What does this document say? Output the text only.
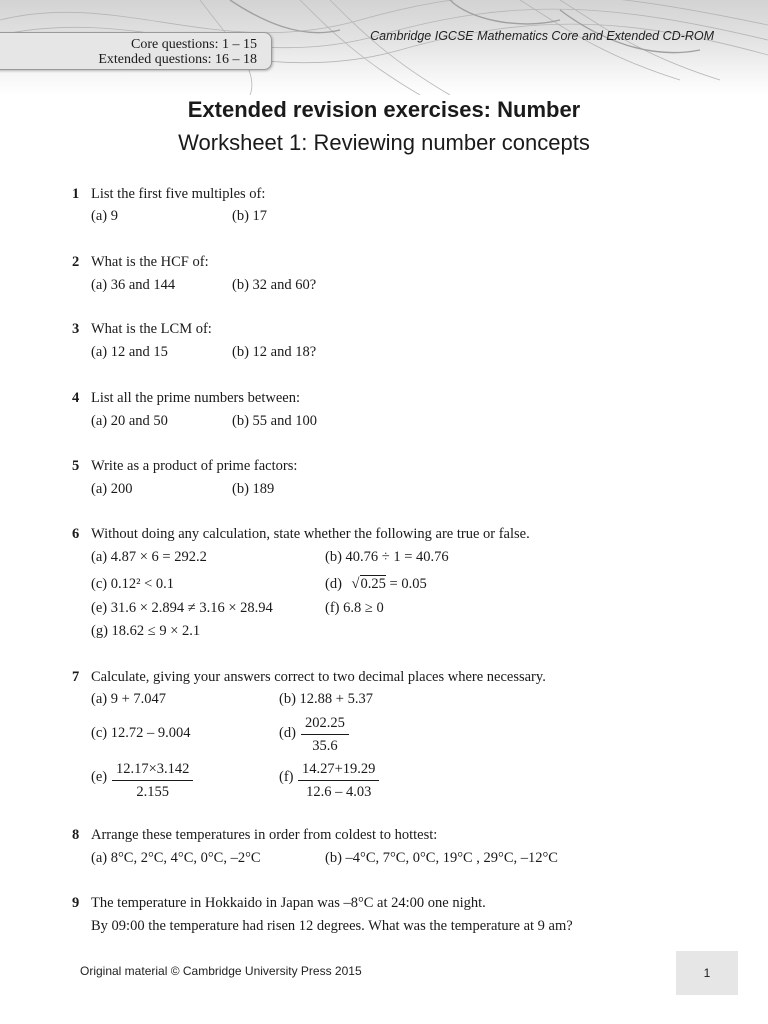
Core questions: 1 – 15
Extended questions: 16 – 18
Cambridge IGCSE Mathematics Core and Extended CD-ROM
Extended revision exercises: Number
Worksheet 1: Reviewing number concepts
1 List the first five multiples of:
(a) 9	(b) 17
2 What is the HCF of:
(a) 36 and 144	(b) 32 and 60?
3 What is the LCM of:
(a) 12 and 15	(b) 12 and 18?
4 List all the prime numbers between:
(a) 20 and 50	(b) 55 and 100
5 Write as a product of prime factors:
(a) 200	(b) 189
6 Without doing any calculation, state whether the following are true or false.
(a) 4.87 × 6 = 292.2	(b) 40.76 ÷ 1 = 40.76
(c) 0.12² < 0.1	(d) √0.25 = 0.05
(e) 31.6 × 2.894 ≠ 3.16 × 28.94	(f) 6.8 ≥ 0
(g) 18.62 ≤ 9 × 2.1
7 Calculate, giving your answers correct to two decimal places where necessary.
(a) 9 + 7.047	(b) 12.88 + 5.37
(c) 12.72 – 9.004	$(d) \frac{202.25}{35.6}$
$(e) \frac{12.17\times 3.142}{2.155}$	$(f) \frac{14.27+19.29}{12.6 - 4.03}$
8 Arrange these temperatures in order from coldest to hottest:
(a) 8°C, 2°C, 4°C, 0°C, –2°C	(b) –4°C, 7°C, 0°C, 19°C , 29°C, –12°C
9 The temperature in Hokkaido in Japan was –8°C at 24:00 one night.
By 09:00 the temperature had risen 12 degrees. What was the temperature at 9 am?
Original material © Cambridge University Press 2015	1
